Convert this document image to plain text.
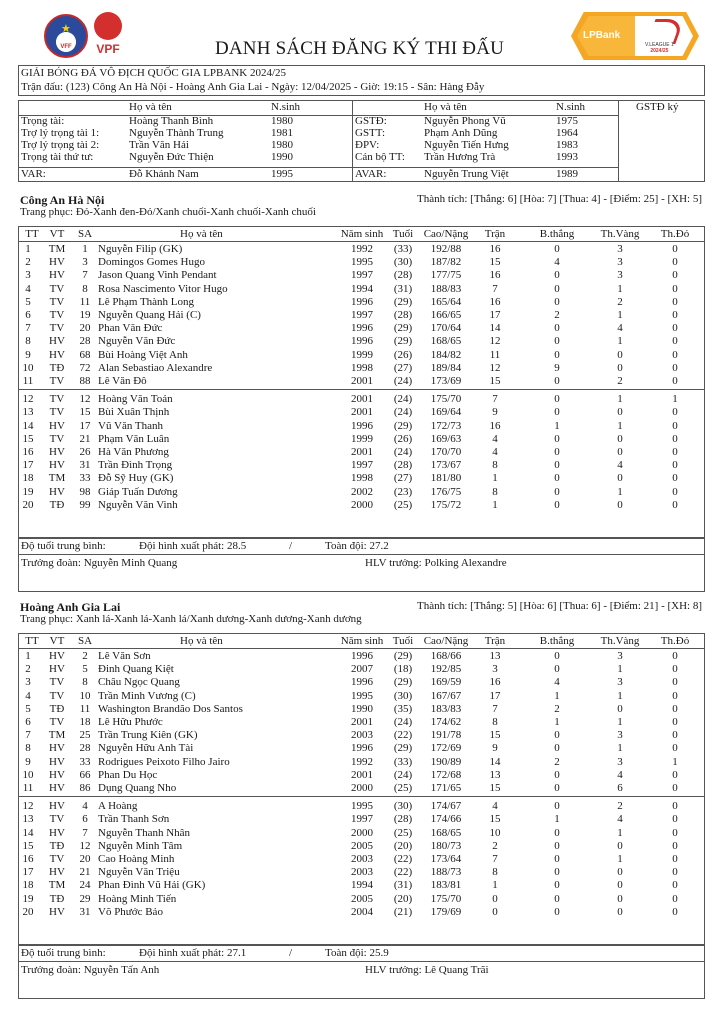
★
VFF	VPF
LPBank
V.LEAGUE 1
2024/25
DANH SÁCH ĐĂNG KÝ THI ĐẤU
GIẢI BÓNG ĐÁ VÔ ĐỊCH QUỐC GIA LPBANK 2024/25
Trận đấu: (123) Công An Hà Nội - Hoàng Anh Gia Lai - Ngày: 12/04/2025 - Giờ: 19:15 - Sân: Hàng Đẫy
Họ và tên	N.sinh	Họ và tên	N.sinh	GSTĐ ký
Trọng tài:	Hoàng Thanh Bình	1980
Trợ lý trọng tài 1:	Nguyễn Thành Trung	1981
Trợ lý trọng tài 2:	Trần Văn Hải	1980
Trọng tài thứ tư:	Nguyễn Đức Thiện	1990
VAR:	Đỗ Khánh Nam	1995
GSTĐ:	Nguyễn Phong Vũ	1975
GSTT:	Phạm Anh Dũng	1964
ĐPV:	Nguyễn Tiến Hưng	1983
Cán bộ TT: Trần Hương Trà	1993
AVAR:	Nguyễn Trung Việt	1989
Công An Hà Nội	Thành tích: [Thắng: 6] [Hòa: 7] [Thua: 4] - [Điểm: 25] - [XH: 5]
Trang phục: Đỏ-Xanh đen-Đỏ/Xanh chuối-Xanh chuối-Xanh chuối
TT VT	SA	Họ và tên	Năm sinh Tuổi Cao/Nặng	Trận	B.thắng	Th.Vàng Th.Đỏ
1	TM	1 Nguyễn Filip (GK)	1992	(33)	192/88	16	0	3	0
2	HV	3 Domingos Gomes Hugo	1995	(30)	187/82	15	4	3	0
3	HV	7 Jason Quang Vinh Pendant	1997	(28)	177/75	16	0	3	0
4	TV	8 Rosa Nascimento Vitor Hugo	1994	(31)	188/83	7	0	1	0
5	TV	11 Lê Phạm Thành Long	1996	(29)	165/64	16	0	2	0
6	TV	19 Nguyễn Quang Hải (C)	1997	(28)	166/65	17	2	1	0
7	TV	20 Phan Văn Đức	1996	(29)	170/64	14	0	4	0
8	HV	28 Nguyễn Văn Đức	1996	(29)	168/65	12	0	1	0
9	HV	68 Bùi Hoàng Việt Anh	1999	(26)	184/82	11	0	0	0
10	TĐ	72 Alan Sebastiao Alexandre	1998	(27)	189/84	12	9	0	0
11	TV	88 Lê Văn Đô	2001	(24)	173/69	15	0	2	0
12	TV	12 Hoàng Văn Toản	2001	(24)	175/70	7	0	1	1
13	TV	15 Bùi Xuân Thịnh	2001	(24)	169/64	9	0	0	0
14	HV	17 Vũ Văn Thanh	1996	(29)	172/73	16	1	1	0
15	TV	21 Phạm Văn Luân	1999	(26)	169/63	4	0	0	0
16	HV	26 Hà Văn Phương	2001	(24)	170/70	4	0	0	0
17	HV	31 Trần Đình Trọng	1997	(28)	173/67	8	0	4	0
18	TM	33 Đỗ Sỹ Huy (GK)	1998	(27)	181/80	1	0	0	0
19	HV	98 Giáp Tuấn Dương	2002	(23)	176/75	8	0	1	0
20	TĐ	99 Nguyễn Văn Vinh	2000	(25)	175/72	1	0	0	0
Độ tuổi trung bình:	Đội hình xuất phát: 28.5	/	Toàn đội: 27.2
Trưởng đoàn: Nguyễn Minh Quang	HLV trưởng: Polking Alexandre
Hoàng Anh Gia Lai	Thành tích: [Thắng: 5] [Hòa: 6] [Thua: 6] - [Điểm: 21] - [XH: 8]
Trang phục: Xanh lá-Xanh lá-Xanh lá/Xanh dương-Xanh dương-Xanh dương
TT VT	SA	Họ và tên	Năm sinh Tuổi Cao/Nặng	Trận	B.thắng	Th.Vàng Th.Đỏ
1	HV	2 Lê Văn Sơn	1996	(29)	168/66	13	0	3	0
2	HV	5 Đinh Quang Kiệt	2007	(18)	192/85	3	0	1	0
3	TV	8 Châu Ngọc Quang	1996	(29)	169/59	16	4	3	0
4	TV	10 Trần Minh Vương (C)	1995	(30)	167/67	17	1	1	0
5	TĐ	11 Washington Brandão Dos Santos	1990	(35)	183/83	7	2	0	0
6	TV	18 Lê Hữu Phước	2001	(24)	174/62	8	1	1	0
7	TM	25 Trần Trung Kiên (GK)	2003	(22)	191/78	15	0	3	0
8	HV	28 Nguyễn Hữu Anh Tài	1996	(29)	172/69	9	0	1	0
9	HV	33 Rodrigues Peixoto Filho Jairo	1992	(33)	190/89	14	2	3	1
10	HV	66 Phan Du Học	2001	(24)	172/68	13	0	4	0
11	HV	86 Dụng Quang Nho	2000	(25)	171/65	15	0	6	0
12	HV	4 A Hoàng	1995	(30)	174/67	4	0	2	0
13	TV	6 Trần Thanh Sơn	1997	(28)	174/66	15	1	4	0
14	HV	7 Nguyễn Thanh Nhân	2000	(25)	168/65	10	0	1	0
15	TĐ	12 Nguyễn Minh Tâm	2005	(20)	180/73	2	0	0	0
16	TV	20 Cao Hoàng Minh	2003	(22)	173/64	7	0	1	0
17	HV	21 Nguyễn Văn Triệu	2003	(22)	188/73	8	0	0	0
18	TM	24 Phan Đình Vũ Hải (GK)	1994	(31)	183/81	1	0	0	0
19	TĐ	29 Hoàng Minh Tiến	2005	(20)	175/70	0	0	0	0
20	HV	31 Võ Phước Bảo	2004	(21)	179/69	0	0	0	0
Độ tuổi trung bình:	Đội hình xuất phát: 27.1	/	Toàn đội: 25.9
Trưởng đoàn: Nguyễn Tấn Anh	HLV trưởng: Lê Quang Trãi
